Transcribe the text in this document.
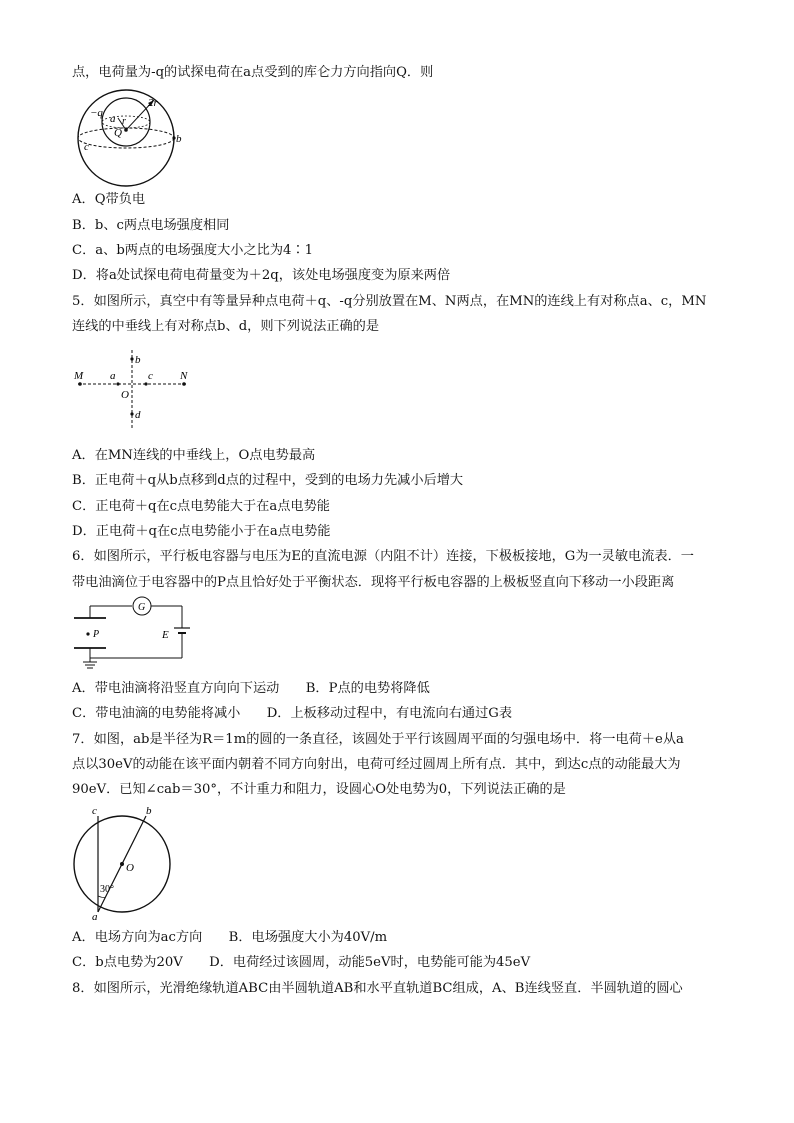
点，电荷量为-q的试探电荷在a点受到的库仑力方向指向Q．则
−q a r
Q
2r
b
c
A．Q带负电
B．b、c两点电场强度相同
C．a、b两点的电场强度大小之比为4∶1
D．将a处试探电荷电荷量变为＋2q，该处电场强度变为原来两倍
5．如图所示，真空中有等量异种点电荷＋q、-q分别放置在M、N两点，在MN的连线上有对称点a、c，MN
连线的中垂线上有对称点b、d，则下列说法正确的是
M a
O
c N
b
d
A．在MN连线的中垂线上，O点电势最高
B．正电荷＋q从b点移到d点的过程中，受到的电场力先减小后增大
C．正电荷＋q在c点电势能大于在a点电势能
D．正电荷＋q在c点电势能小于在a点电势能
6．如图所示，平行板电容器与电压为E的直流电源（内阻不计）连接，下极板接地，G为一灵敏电流表．一
带电油滴位于电容器中的P点且恰好处于平衡状态．现将平行板电容器的上极板竖直向下移动一小段距离
G
P	E
A．带电油滴将沿竖直方向向下运动　　B．P点的电势将降低
C．带电油滴的电势能将减小　　D．上板移动过程中，有电流向右通过G表
7．如图，ab是半径为R＝1m的圆的一条直径，该圆处于平行该圆周平面的匀强电场中．将一电荷＋e从a
点以30eV的动能在该平面内朝着不同方向射出，电荷可经过圆周上所有点．其中，到达c点的动能最大为
90eV．已知∠cab＝30°，不计重力和阻力，设圆心O处电势为0，下列说法正确的是
c	b
O
a
30°
A．电场方向为ac方向　　B．电场强度大小为40V/m
C．b点电势为20V　　D．电荷经过该圆周，动能5eV时，电势能可能为45eV
8．如图所示，光滑绝缘轨道ABC由半圆轨道AB和水平直轨道BC组成，A、B连线竖直．半圆轨道的圆心
